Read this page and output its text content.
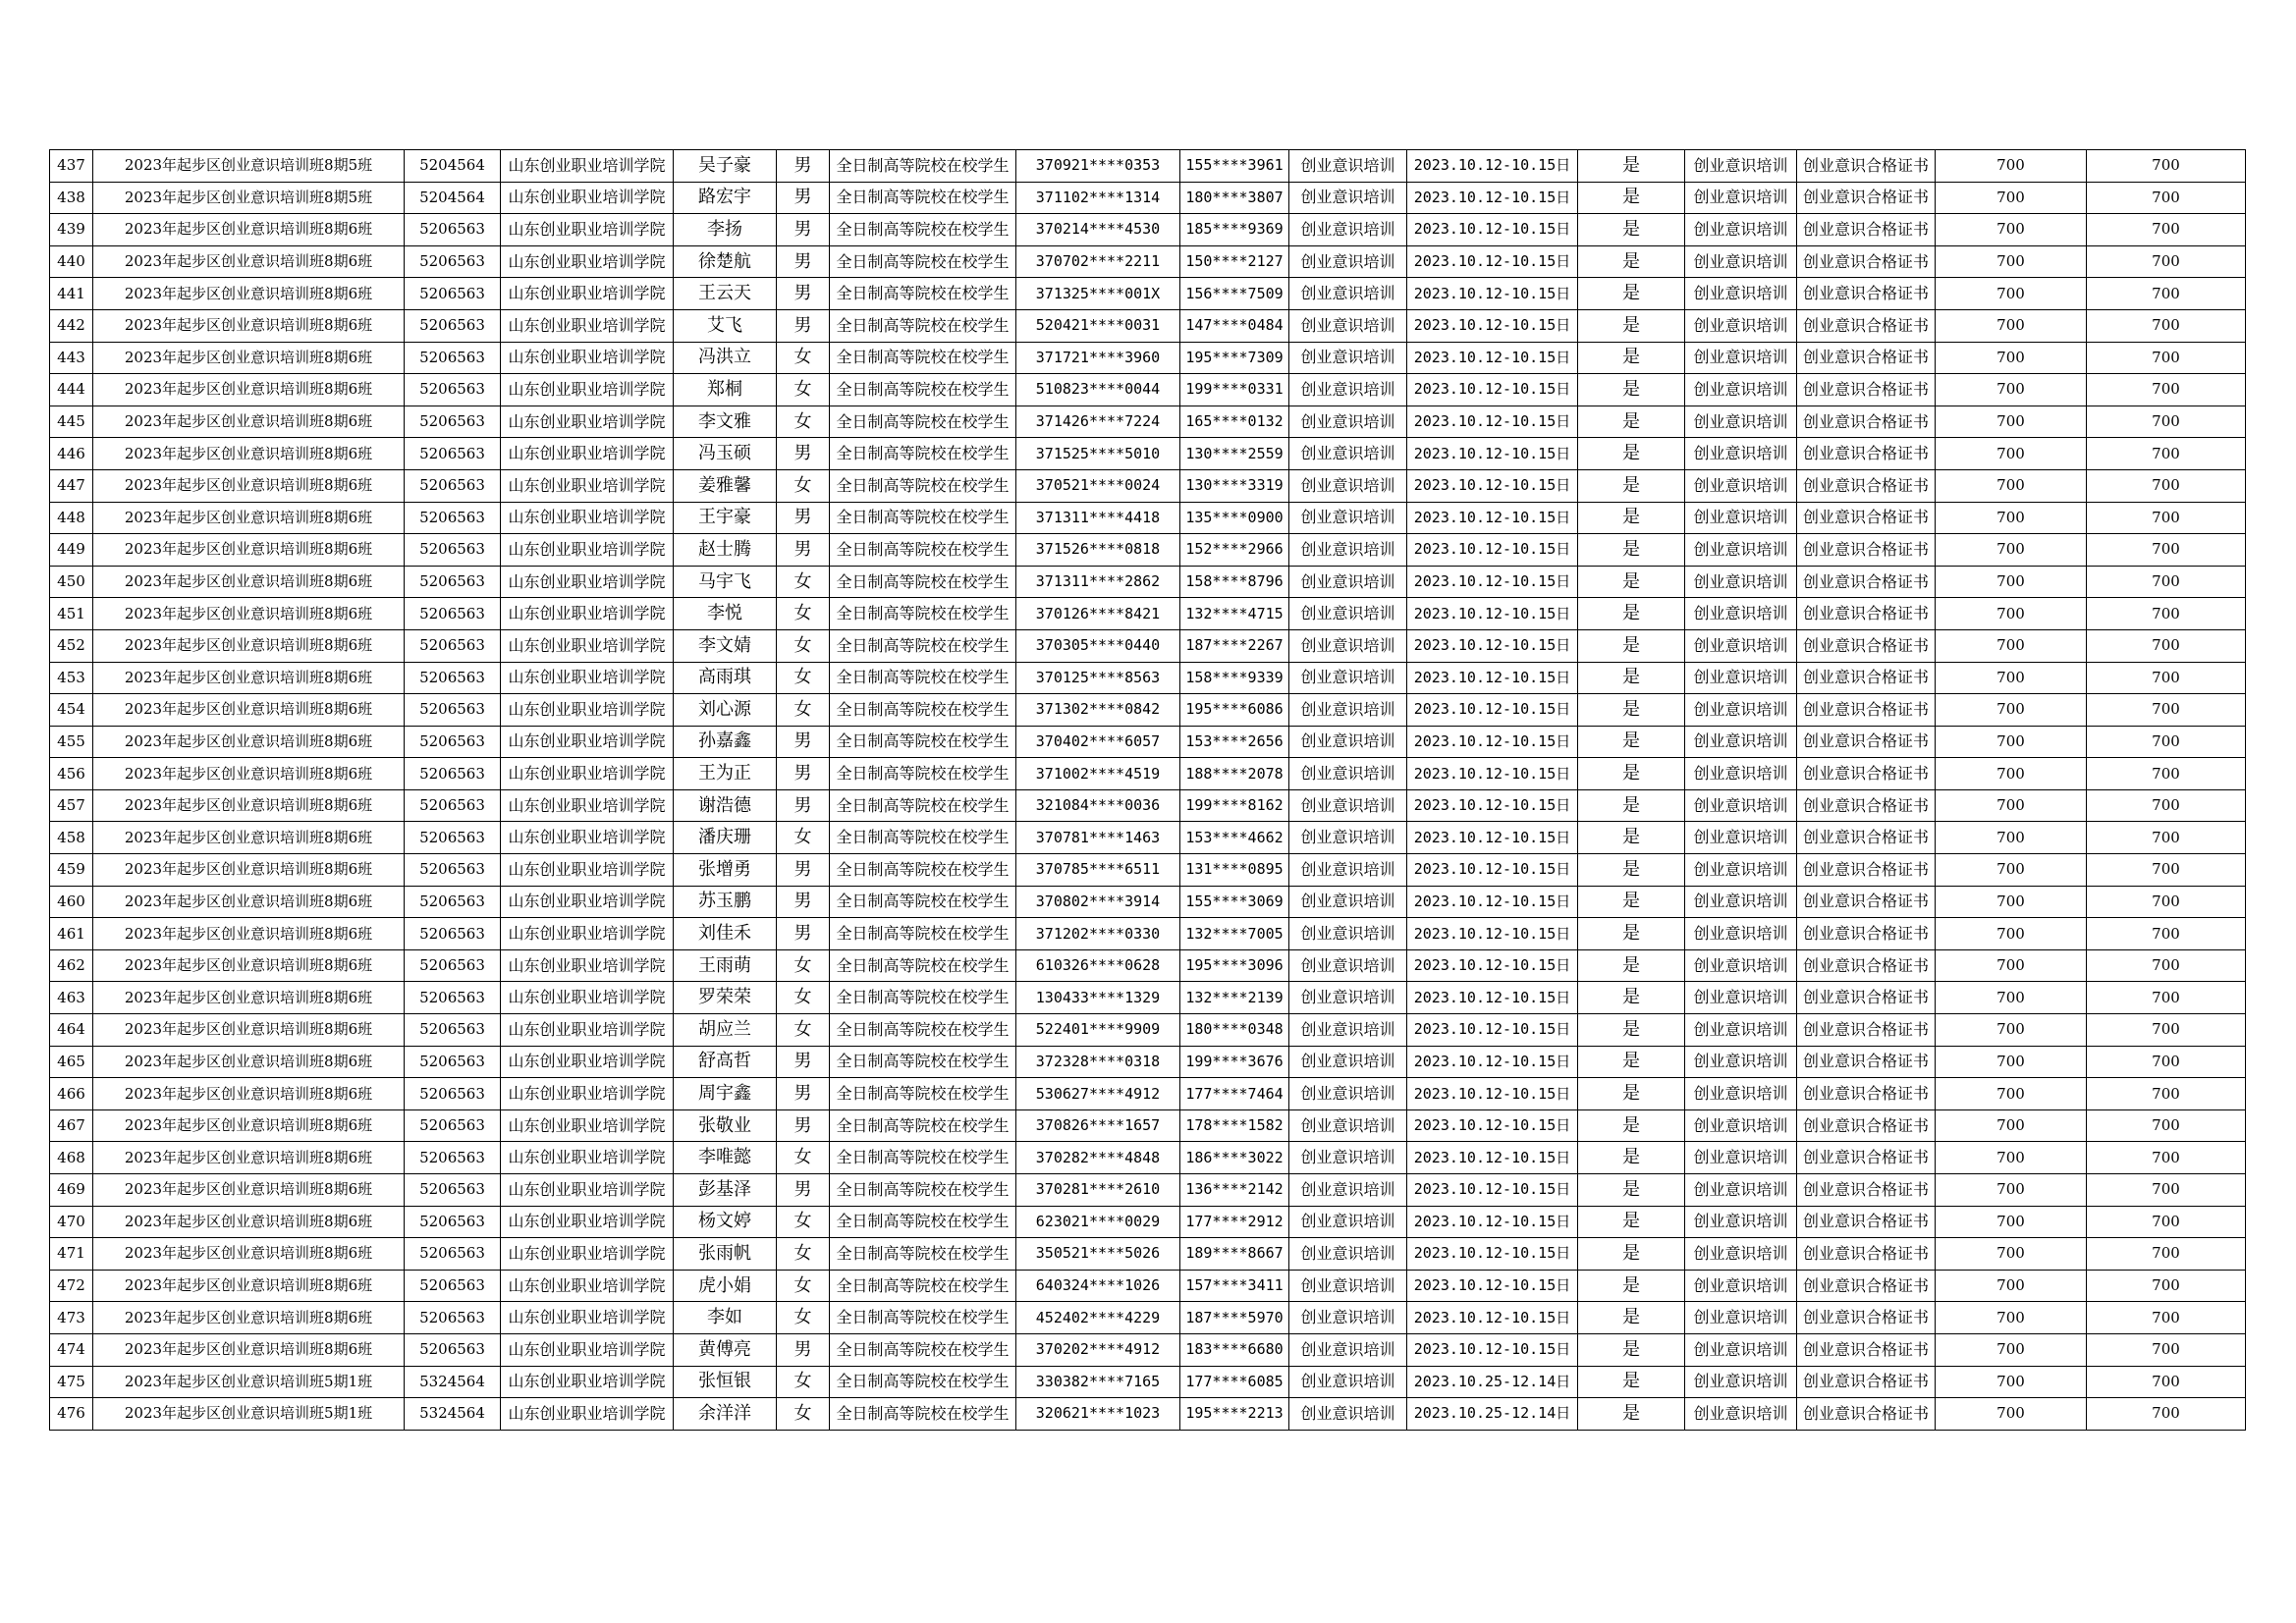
437	2023年起步区创业意识培训班8期5班	5204564	山东创业职业培训学院	吴子豪	男	全日制高等院校在校学生	370921****0353	155****3961	创业意识培训	2023.10.12-10.15日	是	创业意识培训	创业意识合格证书	700	700
438	2023年起步区创业意识培训班8期5班	5204564	山东创业职业培训学院	路宏宇	男	全日制高等院校在校学生	371102****1314	180****3807	创业意识培训	2023.10.12-10.15日	是	创业意识培训	创业意识合格证书	700	700
439	2023年起步区创业意识培训班8期6班	5206563	山东创业职业培训学院	李扬	男	全日制高等院校在校学生	370214****4530	185****9369	创业意识培训	2023.10.12-10.15日	是	创业意识培训	创业意识合格证书	700	700
440	2023年起步区创业意识培训班8期6班	5206563	山东创业职业培训学院	徐楚航	男	全日制高等院校在校学生	370702****2211	150****2127	创业意识培训	2023.10.12-10.15日	是	创业意识培训	创业意识合格证书	700	700
441	2023年起步区创业意识培训班8期6班	5206563	山东创业职业培训学院	王云天	男	全日制高等院校在校学生	371325****001X	156****7509	创业意识培训	2023.10.12-10.15日	是	创业意识培训	创业意识合格证书	700	700
442	2023年起步区创业意识培训班8期6班	5206563	山东创业职业培训学院	艾飞	男	全日制高等院校在校学生	520421****0031	147****0484	创业意识培训	2023.10.12-10.15日	是	创业意识培训	创业意识合格证书	700	700
443	2023年起步区创业意识培训班8期6班	5206563	山东创业职业培训学院	冯洪立	女	全日制高等院校在校学生	371721****3960	195****7309	创业意识培训	2023.10.12-10.15日	是	创业意识培训	创业意识合格证书	700	700
444	2023年起步区创业意识培训班8期6班	5206563	山东创业职业培训学院	郑桐	女	全日制高等院校在校学生	510823****0044	199****0331	创业意识培训	2023.10.12-10.15日	是	创业意识培训	创业意识合格证书	700	700
445	2023年起步区创业意识培训班8期6班	5206563	山东创业职业培训学院	李文雅	女	全日制高等院校在校学生	371426****7224	165****0132	创业意识培训	2023.10.12-10.15日	是	创业意识培训	创业意识合格证书	700	700
446	2023年起步区创业意识培训班8期6班	5206563	山东创业职业培训学院	冯玉硕	男	全日制高等院校在校学生	371525****5010	130****2559	创业意识培训	2023.10.12-10.15日	是	创业意识培训	创业意识合格证书	700	700
447	2023年起步区创业意识培训班8期6班	5206563	山东创业职业培训学院	姜雅馨	女	全日制高等院校在校学生	370521****0024	130****3319	创业意识培训	2023.10.12-10.15日	是	创业意识培训	创业意识合格证书	700	700
448	2023年起步区创业意识培训班8期6班	5206563	山东创业职业培训学院	王宇豪	男	全日制高等院校在校学生	371311****4418	135****0900	创业意识培训	2023.10.12-10.15日	是	创业意识培训	创业意识合格证书	700	700
449	2023年起步区创业意识培训班8期6班	5206563	山东创业职业培训学院	赵士腾	男	全日制高等院校在校学生	371526****0818	152****2966	创业意识培训	2023.10.12-10.15日	是	创业意识培训	创业意识合格证书	700	700
450	2023年起步区创业意识培训班8期6班	5206563	山东创业职业培训学院	马宇飞	女	全日制高等院校在校学生	371311****2862	158****8796	创业意识培训	2023.10.12-10.15日	是	创业意识培训	创业意识合格证书	700	700
451	2023年起步区创业意识培训班8期6班	5206563	山东创业职业培训学院	李悦	女	全日制高等院校在校学生	370126****8421	132****4715	创业意识培训	2023.10.12-10.15日	是	创业意识培训	创业意识合格证书	700	700
452	2023年起步区创业意识培训班8期6班	5206563	山东创业职业培训学院	李文婧	女	全日制高等院校在校学生	370305****0440	187****2267	创业意识培训	2023.10.12-10.15日	是	创业意识培训	创业意识合格证书	700	700
453	2023年起步区创业意识培训班8期6班	5206563	山东创业职业培训学院	高雨琪	女	全日制高等院校在校学生	370125****8563	158****9339	创业意识培训	2023.10.12-10.15日	是	创业意识培训	创业意识合格证书	700	700
454	2023年起步区创业意识培训班8期6班	5206563	山东创业职业培训学院	刘心源	女	全日制高等院校在校学生	371302****0842	195****6086	创业意识培训	2023.10.12-10.15日	是	创业意识培训	创业意识合格证书	700	700
455	2023年起步区创业意识培训班8期6班	5206563	山东创业职业培训学院	孙嘉鑫	男	全日制高等院校在校学生	370402****6057	153****2656	创业意识培训	2023.10.12-10.15日	是	创业意识培训	创业意识合格证书	700	700
456	2023年起步区创业意识培训班8期6班	5206563	山东创业职业培训学院	王为正	男	全日制高等院校在校学生	371002****4519	188****2078	创业意识培训	2023.10.12-10.15日	是	创业意识培训	创业意识合格证书	700	700
457	2023年起步区创业意识培训班8期6班	5206563	山东创业职业培训学院	谢浩德	男	全日制高等院校在校学生	321084****0036	199****8162	创业意识培训	2023.10.12-10.15日	是	创业意识培训	创业意识合格证书	700	700
458	2023年起步区创业意识培训班8期6班	5206563	山东创业职业培训学院	潘庆珊	女	全日制高等院校在校学生	370781****1463	153****4662	创业意识培训	2023.10.12-10.15日	是	创业意识培训	创业意识合格证书	700	700
459	2023年起步区创业意识培训班8期6班	5206563	山东创业职业培训学院	张增勇	男	全日制高等院校在校学生	370785****6511	131****0895	创业意识培训	2023.10.12-10.15日	是	创业意识培训	创业意识合格证书	700	700
460	2023年起步区创业意识培训班8期6班	5206563	山东创业职业培训学院	苏玉鹏	男	全日制高等院校在校学生	370802****3914	155****3069	创业意识培训	2023.10.12-10.15日	是	创业意识培训	创业意识合格证书	700	700
461	2023年起步区创业意识培训班8期6班	5206563	山东创业职业培训学院	刘佳禾	男	全日制高等院校在校学生	371202****0330	132****7005	创业意识培训	2023.10.12-10.15日	是	创业意识培训	创业意识合格证书	700	700
462	2023年起步区创业意识培训班8期6班	5206563	山东创业职业培训学院	王雨萌	女	全日制高等院校在校学生	610326****0628	195****3096	创业意识培训	2023.10.12-10.15日	是	创业意识培训	创业意识合格证书	700	700
463	2023年起步区创业意识培训班8期6班	5206563	山东创业职业培训学院	罗荣荣	女	全日制高等院校在校学生	130433****1329	132****2139	创业意识培训	2023.10.12-10.15日	是	创业意识培训	创业意识合格证书	700	700
464	2023年起步区创业意识培训班8期6班	5206563	山东创业职业培训学院	胡应兰	女	全日制高等院校在校学生	522401****9909	180****0348	创业意识培训	2023.10.12-10.15日	是	创业意识培训	创业意识合格证书	700	700
465	2023年起步区创业意识培训班8期6班	5206563	山东创业职业培训学院	舒高哲	男	全日制高等院校在校学生	372328****0318	199****3676	创业意识培训	2023.10.12-10.15日	是	创业意识培训	创业意识合格证书	700	700
466	2023年起步区创业意识培训班8期6班	5206563	山东创业职业培训学院	周宇鑫	男	全日制高等院校在校学生	530627****4912	177****7464	创业意识培训	2023.10.12-10.15日	是	创业意识培训	创业意识合格证书	700	700
467	2023年起步区创业意识培训班8期6班	5206563	山东创业职业培训学院	张敬业	男	全日制高等院校在校学生	370826****1657	178****1582	创业意识培训	2023.10.12-10.15日	是	创业意识培训	创业意识合格证书	700	700
468	2023年起步区创业意识培训班8期6班	5206563	山东创业职业培训学院	李唯懿	女	全日制高等院校在校学生	370282****4848	186****3022	创业意识培训	2023.10.12-10.15日	是	创业意识培训	创业意识合格证书	700	700
469	2023年起步区创业意识培训班8期6班	5206563	山东创业职业培训学院	彭基泽	男	全日制高等院校在校学生	370281****2610	136****2142	创业意识培训	2023.10.12-10.15日	是	创业意识培训	创业意识合格证书	700	700
470	2023年起步区创业意识培训班8期6班	5206563	山东创业职业培训学院	杨文婷	女	全日制高等院校在校学生	623021****0029	177****2912	创业意识培训	2023.10.12-10.15日	是	创业意识培训	创业意识合格证书	700	700
471	2023年起步区创业意识培训班8期6班	5206563	山东创业职业培训学院	张雨帆	女	全日制高等院校在校学生	350521****5026	189****8667	创业意识培训	2023.10.12-10.15日	是	创业意识培训	创业意识合格证书	700	700
472	2023年起步区创业意识培训班8期6班	5206563	山东创业职业培训学院	虎小娟	女	全日制高等院校在校学生	640324****1026	157****3411	创业意识培训	2023.10.12-10.15日	是	创业意识培训	创业意识合格证书	700	700
473	2023年起步区创业意识培训班8期6班	5206563	山东创业职业培训学院	李如	女	全日制高等院校在校学生	452402****4229	187****5970	创业意识培训	2023.10.12-10.15日	是	创业意识培训	创业意识合格证书	700	700
474	2023年起步区创业意识培训班8期6班	5206563	山东创业职业培训学院	黄傅亮	男	全日制高等院校在校学生	370202****4912	183****6680	创业意识培训	2023.10.12-10.15日	是	创业意识培训	创业意识合格证书	700	700
475	2023年起步区创业意识培训班5期1班	5324564	山东创业职业培训学院	张恒银	女	全日制高等院校在校学生	330382****7165	177****6085	创业意识培训	2023.10.25-12.14日	是	创业意识培训	创业意识合格证书	700	700
476	2023年起步区创业意识培训班5期1班	5324564	山东创业职业培训学院	余洋洋	女	全日制高等院校在校学生	320621****1023	195****2213	创业意识培训	2023.10.25-12.14日	是	创业意识培训	创业意识合格证书	700	700
